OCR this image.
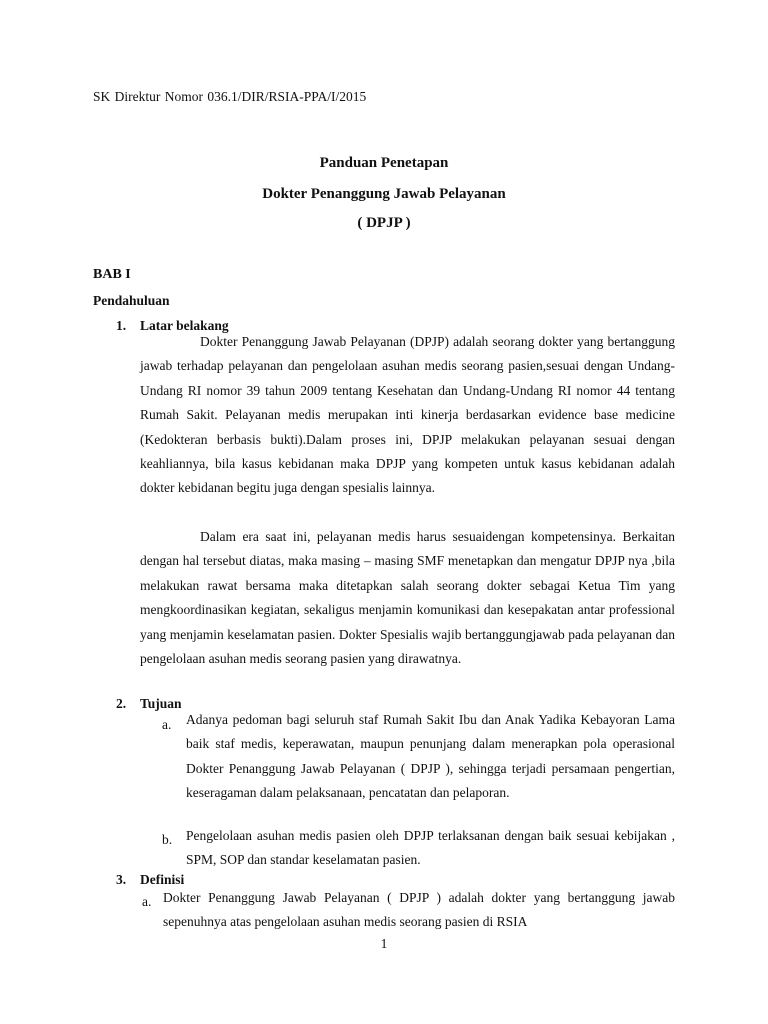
SK Direktur Nomor 036.1/DIR/RSIA-PPA/I/2015

Panduan Penetapan

Dokter Penanggung Jawab Pelayanan

( DPJP )

BAB I

Pendahuluan

1. Latar belakang

Dokter Penanggung Jawab Pelayanan (DPJP) adalah seorang dokter yang bertanggung jawab terhadap pelayanan dan pengelolaan asuhan medis seorang pasien,sesuai dengan Undang-Undang RI nomor 39 tahun 2009 tentang Kesehatan dan Undang-Undang RI nomor 44 tentang Rumah Sakit. Pelayanan medis merupakan inti kinerja berdasarkan evidence base medicine (Kedokteran berbasis bukti).Dalam proses ini, DPJP melakukan pelayanan sesuai dengan keahliannya, bila kasus kebidanan maka DPJP yang kompeten untuk kasus kebidanan adalah dokter kebidanan begitu juga dengan spesialis lainnya.

Dalam era saat ini, pelayanan medis harus sesuaidengan kompetensinya. Berkaitan dengan hal tersebut diatas, maka masing – masing SMF menetapkan dan mengatur DPJP nya ,bila melakukan rawat bersama maka ditetapkan salah seorang dokter sebagai Ketua Tim yang mengkoordinasikan kegiatan, sekaligus menjamin komunikasi dan kesepakatan antar professional yang menjamin keselamatan pasien. Dokter Spesialis wajib bertanggungjawab pada pelayanan dan pengelolaan asuhan medis seorang pasien yang dirawatnya.

2. Tujuan

a. Adanya pedoman bagi seluruh staf Rumah Sakit Ibu dan Anak Yadika Kebayoran Lama baik staf medis, keperawatan, maupun penunjang dalam menerapkan pola operasional Dokter Penanggung Jawab Pelayanan ( DPJP ), sehingga terjadi persamaan pengertian, keseragaman dalam pelaksanaan, pencatatan dan pelaporan.

b. Pengelolaan asuhan medis pasien oleh DPJP terlaksanan dengan baik sesuai kebijakan , SPM, SOP dan standar keselamatan pasien.

3. Definisi

a. Dokter Penanggung Jawab Pelayanan ( DPJP ) adalah dokter yang bertanggung jawab sepenuhnya atas pengelolaan asuhan medis seorang pasien di RSIA

1
